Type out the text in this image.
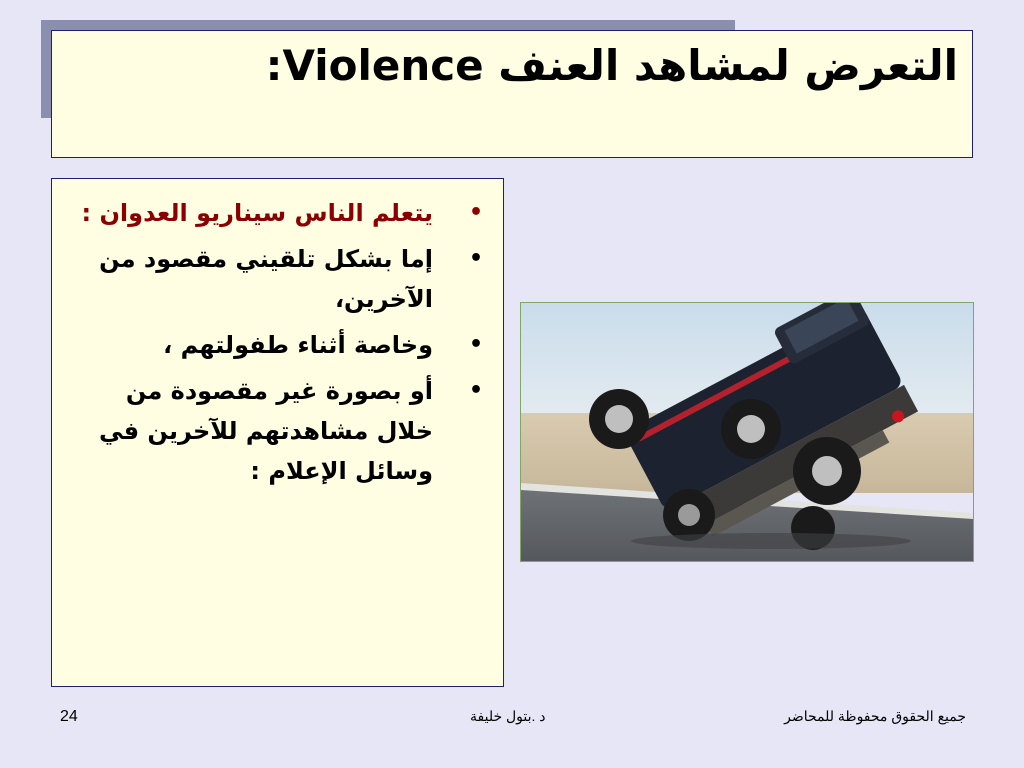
التعرض لمشاهد العنف Violence:
•
يتعلم الناس سيناريو العدوان :
•
إما بشكل تلقيني مقصود من الآخرين،
•
وخاصة أثناء طفولتهم ،
•
أو بصورة غير مقصودة من خلال مشاهدتهم للآخرين في وسائل الإعلام :
24	د .بتول خليفة	جميع الحقوق محفوظة للمحاضر
